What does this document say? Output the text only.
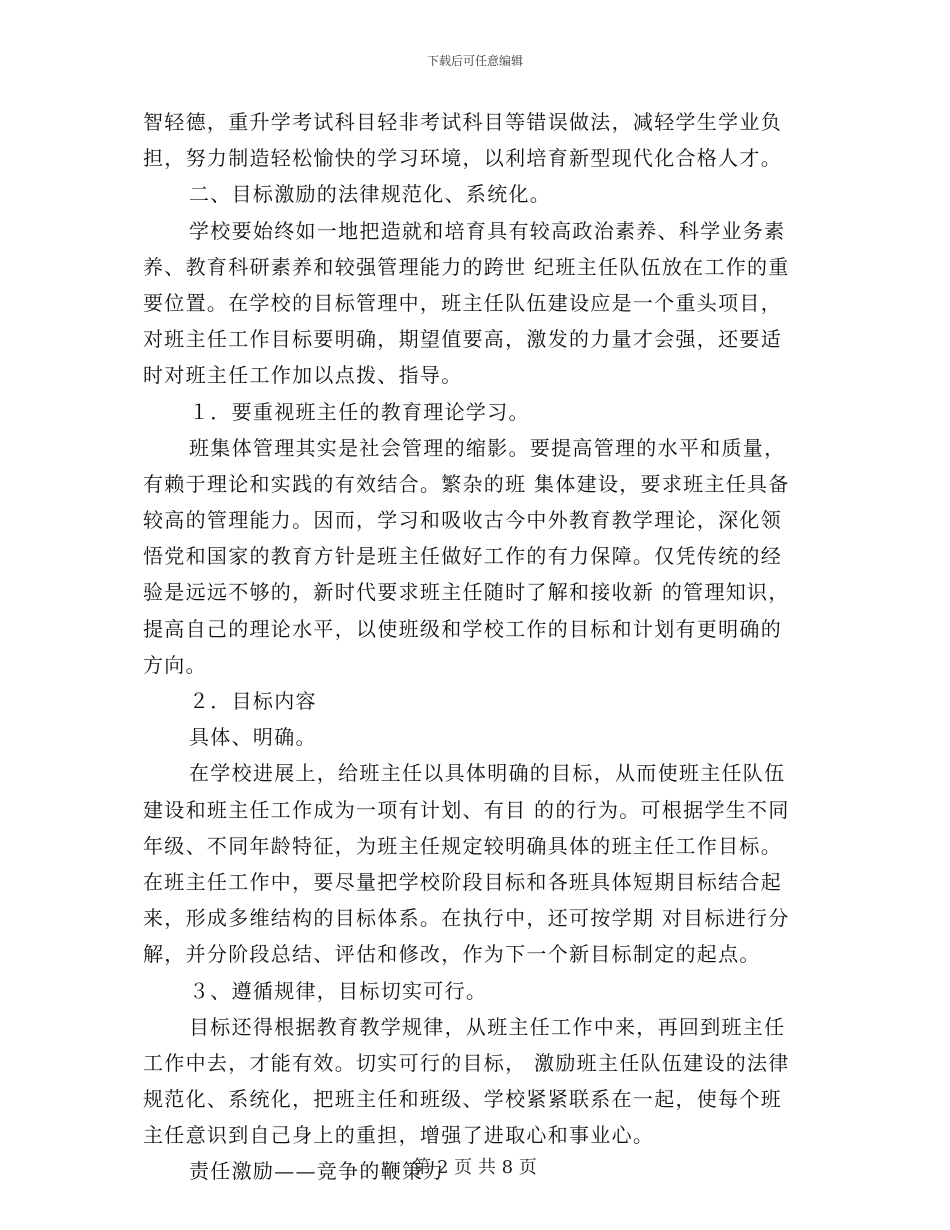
下载后可任意编辑
智轻德，重升学考试科目轻非考试科目等错误做法，减轻学生学业负
担，努力制造轻松愉快的学习环境，以利培育新型现代化合格人才。
二、目标激励的法律规范化、系统化。
学校要始终如一地把造就和培育具有较高政治素养、科学业务素
养、教育科研素养和较强管理能力的跨世 纪班主任队伍放在工作的重
要位置。在学校的目标管理中，班主任队伍建设应是一个重头项目，
对班主任工作目标要明确，期望值要高，激发的力量才会强，还要适
时对班主任工作加以点拨、指导。
１．要重视班主任的教育理论学习。
班集体管理其实是社会管理的缩影。要提高管理的水平和质量，
有赖于理论和实践的有效结合。繁杂的班 集体建设，要求班主任具备
较高的管理能力。因而，学习和吸收古今中外教育教学理论，深化领
悟党和国家的教育方针是班主任做好工作的有力保障。仅凭传统的经
验是远远不够的，新时代要求班主任随时了解和接收新 的管理知识，
提高自己的理论水平，以使班级和学校工作的目标和计划有更明确的
方向。
２．目标内容
具体、明确。
在学校进展上，给班主任以具体明确的目标，从而使班主任队伍
建设和班主任工作成为一项有计划、有目 的的行为。可根据学生不同
年级、不同年龄特征，为班主任规定较明确具体的班主任工作目标。
在班主任工作中，要尽量把学校阶段目标和各班具体短期目标结合起
来，形成多维结构的目标体系。在执行中，还可按学期 对目标进行分
解，并分阶段总结、评估和修改，作为下一个新目标制定的起点。
３、遵循规律，目标切实可行。
目标还得根据教育教学规律，从班主任工作中来，再回到班主任
工作中去，才能有效。切实可行的目标， 激励班主任队伍建设的法律
规范化、系统化，把班主任和班级、学校紧紧联系在一起，使每个班
主任意识到自己身上的重担，增强了进取心和事业心。
责任激励——竞争的鞭策力
第 2 页 共 8 页
